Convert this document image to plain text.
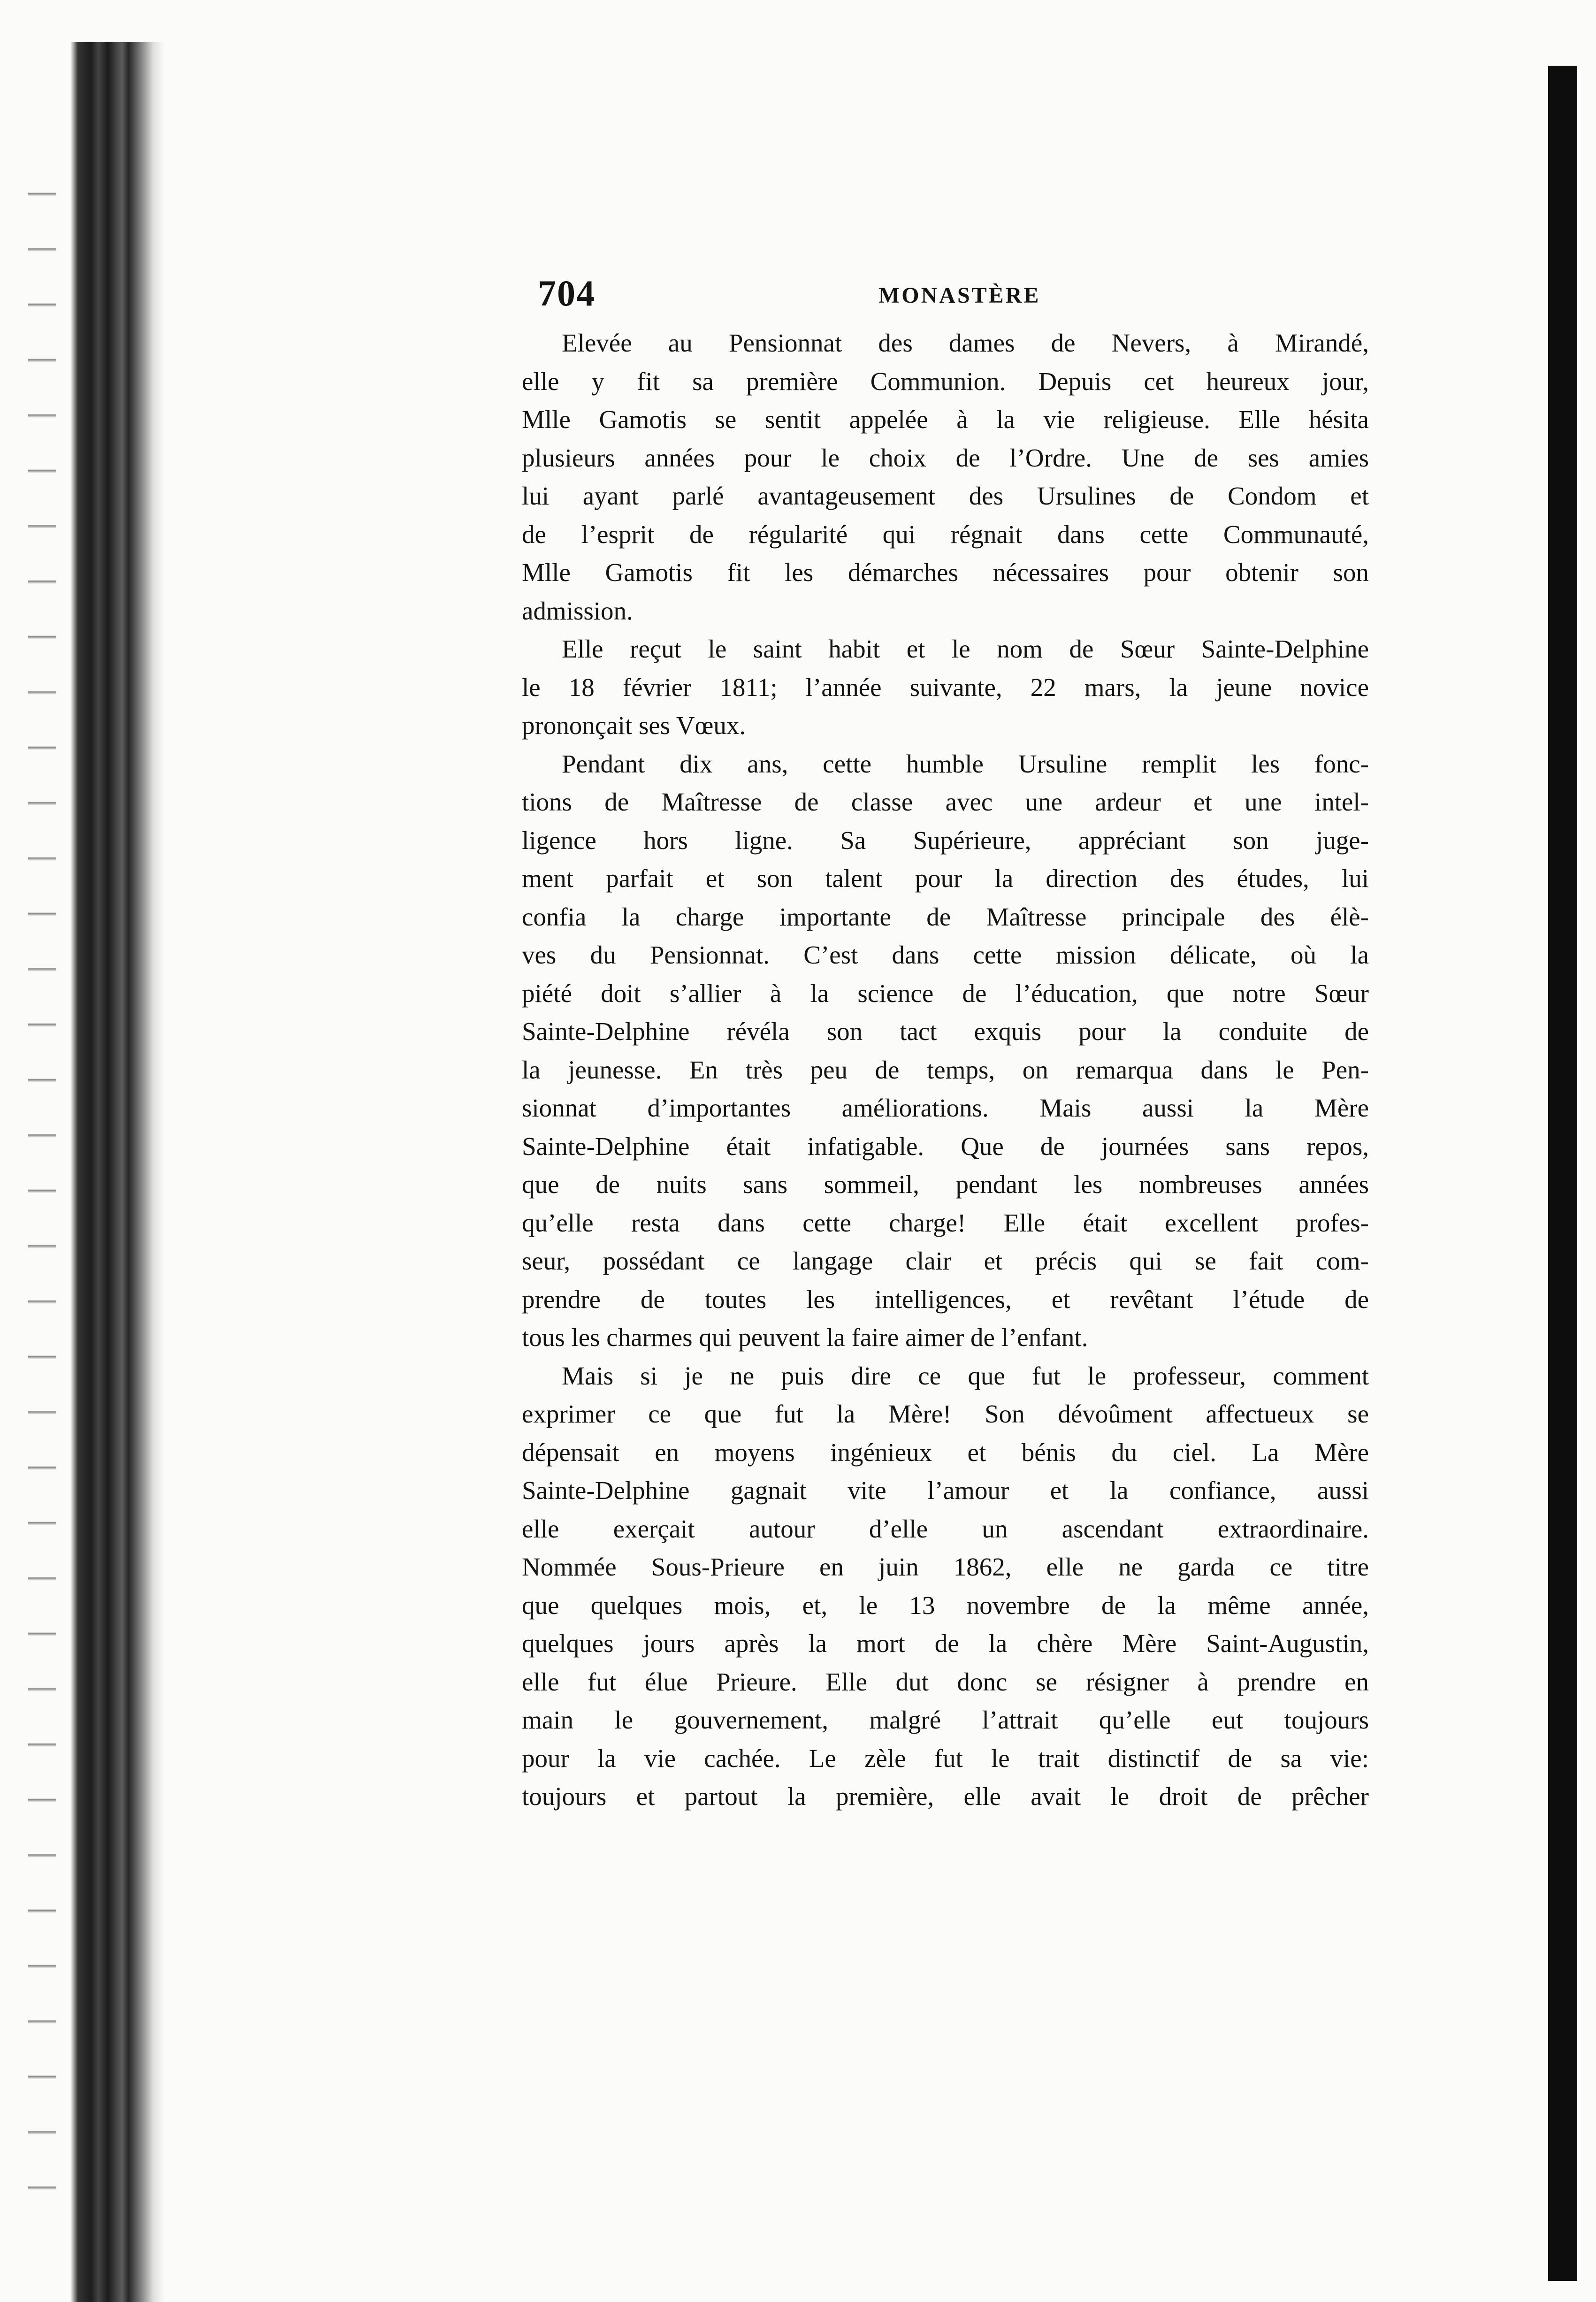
704	MONASTÈRE
Elevée au Pensionnat des dames de Nevers, à Mirandé,
elle y fit sa première Communion. Depuis cet heureux jour,
Mlle Gamotis se sentit appelée à la vie religieuse. Elle hésita
plusieurs années pour le choix de l’Ordre. Une de ses amies
lui ayant parlé avantageusement des Ursulines de Condom et
de l’esprit de régularité qui régnait dans cette Communauté,
Mlle Gamotis fit les démarches nécessaires pour obtenir son
admission.
Elle reçut le saint habit et le nom de Sœur Sainte-Delphine
le 18 février 1811; l’année suivante, 22 mars, la jeune novice
prononçait ses Vœux.
Pendant dix ans, cette humble Ursuline remplit les fonc-
tions de Maîtresse de classe avec une ardeur et une intel-
ligence hors ligne. Sa Supérieure, appréciant son juge-
ment parfait et son talent pour la direction des études, lui
confia la charge importante de Maîtresse principale des élè-
ves du Pensionnat. C’est dans cette mission délicate, où la
piété doit s’allier à la science de l’éducation, que notre Sœur
Sainte-Delphine révéla son tact exquis pour la conduite de
la jeunesse. En très peu de temps, on remarqua dans le Pen-
sionnat d’importantes améliorations. Mais aussi la Mère
Sainte-Delphine était infatigable. Que de journées sans repos,
que de nuits sans sommeil, pendant les nombreuses années
qu’elle resta dans cette charge! Elle était excellent profes-
seur, possédant ce langage clair et précis qui se fait com-
prendre de toutes les intelligences, et revêtant l’étude de
tous les charmes qui peuvent la faire aimer de l’enfant.
Mais si je ne puis dire ce que fut le professeur, comment
exprimer ce que fut la Mère! Son dévoûment affectueux se
dépensait en moyens ingénieux et bénis du ciel. La Mère
Sainte-Delphine gagnait vite l’amour et la confiance, aussi
elle exerçait autour d’elle un ascendant extraordinaire.
Nommée Sous-Prieure en juin 1862, elle ne garda ce titre
que quelques mois, et, le 13 novembre de la même année,
quelques jours après la mort de la chère Mère Saint-Augustin,
elle fut élue Prieure. Elle dut donc se résigner à prendre en
main le gouvernement, malgré l’attrait qu’elle eut toujours
pour la vie cachée. Le zèle fut le trait distinctif de sa vie:
toujours et partout la première, elle avait le droit de prêcher
